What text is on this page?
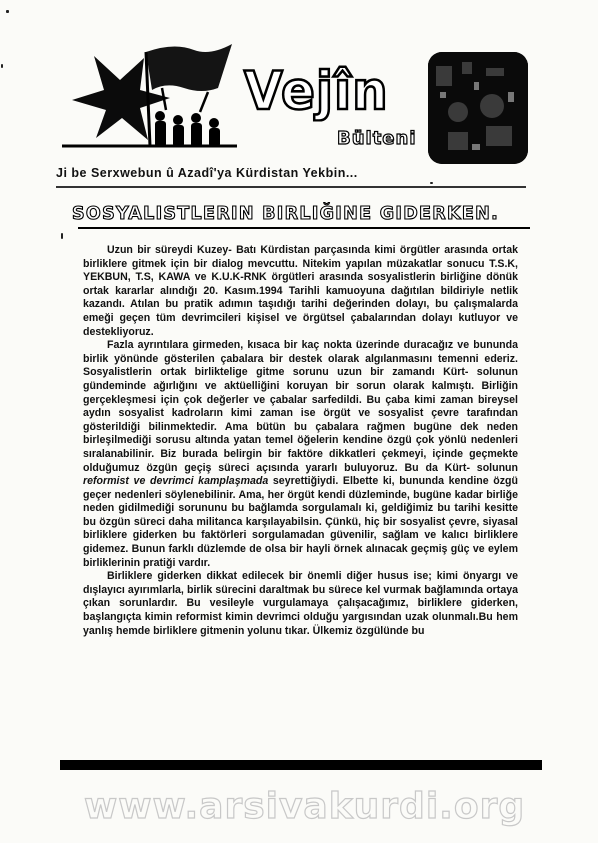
Vejîn
Bülteni
Ji be Serxwebun û Azadî'ya Kürdistan Yekbin...
SOSYALISTLERIN BIRLIĞINE GIDERKEN.

Uzun bir süreydi Kuzey- Batı Kürdistan parçasında kimi örgütler arasında ortak birliklere gitmek için bir dialog mevcuttu. Nitekim yapılan müzakatlar sonucu T.S.K, YEKBUN, T.S, KAWA ve K.U.K-RNK örgütleri arasında sosyalistlerin birliğine dönük ortak kararlar alındığı 20. Kasım.1994 Tarihli kamuoyuna dağıtılan bildiriyle netlik kazandı. Atılan bu pratik adımın taşıdığı tarihi değerinden dolayı, bu çalışmalarda emeği geçen tüm devrimcileri kişisel ve örgütsel çabalarından dolayı kutluyor ve destekliyoruz.

Fazla ayrıntılara girmeden, kısaca bir kaç nokta üzerinde duracağız ve bununda birlik yönünde gösterilen çabalara bir destek olarak algılanmasını temenni ederiz. Sosyalistlerin ortak birliktelige gitme sorunu uzun bir zamandı Kürt- solunun gündeminde ağırlığını ve aktüelliğini koruyan bir sorun olarak kalmıştı. Birliğin gerçekleşmesi için çok değerler ve çabalar sarfedildi. Bu çaba kimi zaman bireysel aydın sosyalist kadroların kimi zaman ise örgüt ve sosyalist çevre tarafından gösterildiği bilinmektedir. Ama bütün bu çabalara rağmen bugüne dek neden birleşilmediği sorusu altında yatan temel öğelerin kendine özgü çok yönlü nedenleri sıralanabilinir. Biz burada belirgin bir faktöre dikkatleri çekmeyi, içinde geçmekte olduğumuz özgün geçiş süreci açısında yararlı buluyoruz. Bu da Kürt- solunun reformist ve devrimci kamplaşmada seyrettiğiydi. Elbette ki, bununda kendine özgü geçer nedenleri söylenebilinir. Ama, her örgüt kendi düzleminde, bugüne kadar birliğe neden gidilmediği sorununu bu bağlamda sorgulamalı ki, geldiğimiz bu tarihi kesitte bu özgün süreci daha militanca karşılayabilsin. Çünkü, hiç bir sosyalist çevre, siyasal birliklere giderken bu faktörleri sorgulamadan güvenilir, sağlam ve kalıcı birliklere gidemez. Bunun farklı düzlemde de olsa bir hayli örnek alınacak geçmiş güç ve eylem birliklerinin pratiği vardır.

Birliklere giderken dikkat edilecek bir önemli diğer husus ise; kimi önyargı ve dışlayıcı ayırımlarla, birlik sürecini daraltmak bu sürece kel vurmak bağlamında ortaya çıkan sorunlardır. Bu vesileyle vurgulamaya çalışacağımız, birliklere giderken, başlangıçta kimin reformist kimin devrimci olduğu yargısından uzak olunmalı.Bu hem yanlış hemde birliklere gitmenin yolunu tıkar. Ülkemiz özgülünde bu

www.arsivakurdi.org
